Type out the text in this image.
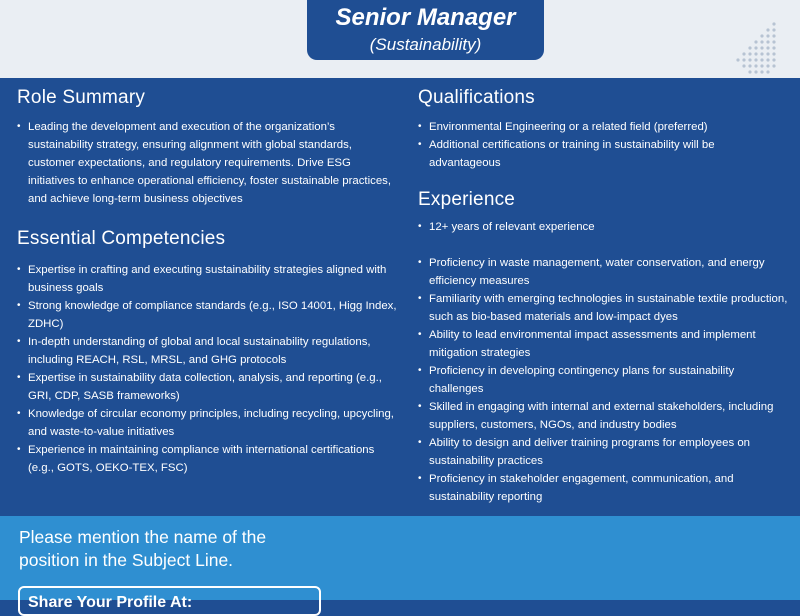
Senior Manager
(Sustainability)
Role Summary
• Leading the development and execution of the organization’s sustainability strategy, ensuring alignment with global standards, customer expectations, and regulatory requirements. Drive ESG initiatives to enhance operational efficiency, foster sustainable practices, and achieve long-term business objectives
Essential Competencies
• Expertise in crafting and executing sustainability strategies aligned with business goals
• Strong knowledge of compliance standards (e.g., ISO 14001, Higg Index, ZDHC)
• In-depth understanding of global and local sustainability regulations, including REACH, RSL, MRSL, and GHG protocols
• Expertise in sustainability data collection, analysis, and reporting (e.g., GRI, CDP, SASB frameworks)
• Knowledge of circular economy principles, including recycling, upcycling, and waste-to-value initiatives
• Experience in maintaining compliance with international certifications (e.g., GOTS, OEKO-TEX, FSC)
Qualifications
• Environmental Engineering or a related field (preferred)
• Additional certifications or training in sustainability will be advantageous
Experience
• 12+ years of relevant experience
• Proficiency in waste management, water conservation, and energy efficiency measures
• Familiarity with emerging technologies in sustainable textile production, such as bio-based materials and low-impact dyes
• Ability to lead environmental impact assessments and implement mitigation strategies
• Proficiency in developing contingency plans for sustainability challenges
• Skilled in engaging with internal and external stakeholders, including suppliers, customers, NGOs, and industry bodies
• Ability to design and deliver training programs for employees on sustainability practices
• Proficiency in stakeholder engagement, communication, and sustainability reporting
Please mention the name of the position in the Subject Line.
Share Your Profile At:
